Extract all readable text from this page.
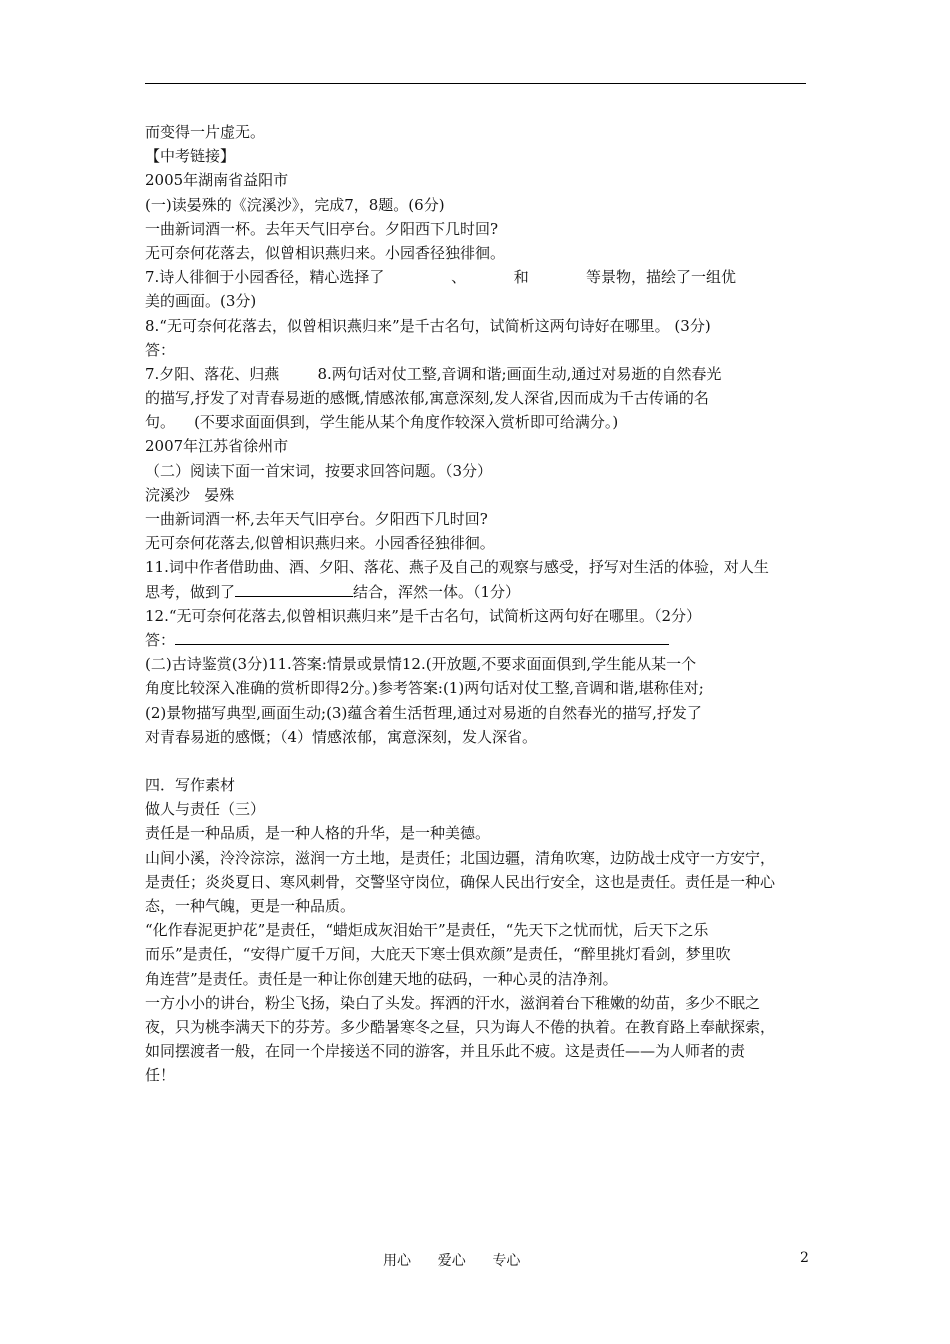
而变得一片虚无。
【中考链接】
2005年湖南省益阳市
(一)读晏殊的《浣溪沙》，完成7，8题。(6分)
一曲新词酒一杯。去年天气旧亭台。夕阳西下几时回?
无可奈何花落去，似曾相识燕归来。小园香径独徘徊。
7.诗人徘徊于小园香径，精心选择了              、          和            等景物，描绘了一组优
美的画面。(3分)
8.“无可奈何花落去，似曾相识燕归来”是千古名句，试简析这两句诗好在哪里。 (3分)
答：
7.夕阳、落花、归燕        8.两句话对仗工整,音调和谐;画面生动,通过对易逝的自然春光
的描写,抒发了对青春易逝的感慨,情感浓郁,寓意深刻,发人深省,因而成为千古传诵的名
句。    (不要求面面俱到，学生能从某个角度作较深入赏析即可给满分。)
2007年江苏省徐州市
（二）阅读下面一首宋词，按要求回答问题。（3分）
浣溪沙   晏殊
一曲新词酒一杯,去年天气旧亭台。夕阳西下几时回?
无可奈何花落去,似曾相识燕归来。小园香径独徘徊。
11.词中作者借助曲、酒、夕阳、落花、燕子及自己的观察与感受，抒写对生活的体验，对人生
思考，做到了	结合，浑然一体。（1分）
12.“无可奈何花落去,似曾相识燕归来”是千古名句，试简析这两句好在哪里。（2分）
答：
(二)古诗鉴赏(3分)11.答案:情景或景情12.(开放题,不要求面面俱到,学生能从某一个
角度比较深入准确的赏析即得2分。)参考答案:(1)两句话对仗工整,音调和谐,堪称佳对;
(2)景物描写典型,画面生动;(3)蕴含着生活哲理,通过对易逝的自然春光的描写,抒发了
对青春易逝的感慨；（4）情感浓郁，寓意深刻，发人深省。
四．写作素材
做人与责任（三）
责任是一种品质，是一种人格的升华，是一种美德。
山间小溪，泠泠淙淙，滋润一方土地，是责任；北国边疆，清角吹寒，边防战士戍守一方安宁，
是责任；炎炎夏日、寒风刺骨，交警坚守岗位，确保人民出行安全，这也是责任。责任是一种心
态，一种气魄，更是一种品质。
“化作春泥更护花”是责任，“蜡炬成灰泪始干”是责任，“先天下之忧而忧，后天下之乐
而乐”是责任，“安得广厦千万间，大庇天下寒士俱欢颜”是责任，“醉里挑灯看剑，梦里吹
角连营”是责任。责任是一种让你创建天地的砝码，一种心灵的洁净剂。
一方小小的讲台，粉尘飞扬，染白了头发。挥洒的汗水，滋润着台下稚嫩的幼苗，多少不眠之
夜，只为桃李满天下的芬芳。多少酷暑寒冬之昼，只为诲人不倦的执着。在教育路上奉献探索，
如同摆渡者一般，在同一个岸接送不同的游客，并且乐此不疲。这是责任——为人师者的责
任！
用心      爱心      专心	2
